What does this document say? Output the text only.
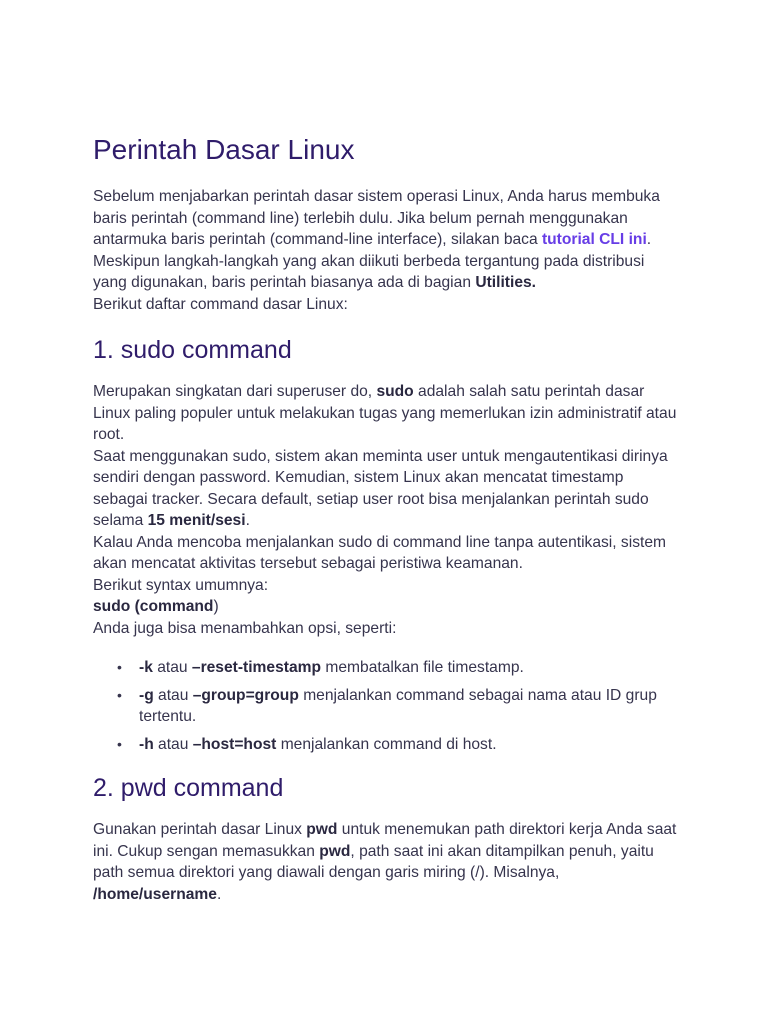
Perintah Dasar Linux

Sebelum menjabarkan perintah dasar sistem operasi Linux, Anda harus membuka baris perintah (command line) terlebih dulu. Jika belum pernah menggunakan antarmuka baris perintah (command-line interface), silakan baca tutorial CLI ini.

Meskipun langkah-langkah yang akan diikuti berbeda tergantung pada distribusi yang digunakan, baris perintah biasanya ada di bagian Utilities.

Berikut daftar command dasar Linux:

1. sudo command

Merupakan singkatan dari superuser do, sudo adalah salah satu perintah dasar Linux paling populer untuk melakukan tugas yang memerlukan izin administratif atau root.

Saat menggunakan sudo, sistem akan meminta user untuk mengautentikasi dirinya sendiri dengan password. Kemudian, sistem Linux akan mencatat timestamp sebagai tracker. Secara default, setiap user root bisa menjalankan perintah sudo selama 15 menit/sesi.

Kalau Anda mencoba menjalankan sudo di command line tanpa autentikasi, sistem akan mencatat aktivitas tersebut sebagai peristiwa keamanan.

Berikut syntax umumnya:

sudo (command)

Anda juga bisa menambahkan opsi, seperti:

• -k atau –reset-timestamp membatalkan file timestamp.
• -g atau –group=group menjalankan command sebagai nama atau ID grup tertentu.
• -h atau –host=host menjalankan command di host.
2. pwd command

Gunakan perintah dasar Linux pwd untuk menemukan path direktori kerja Anda saat ini. Cukup sengan memasukkan pwd, path saat ini akan ditampilkan penuh, yaitu path semua direktori yang diawali dengan garis miring (/). Misalnya, /home/username.
